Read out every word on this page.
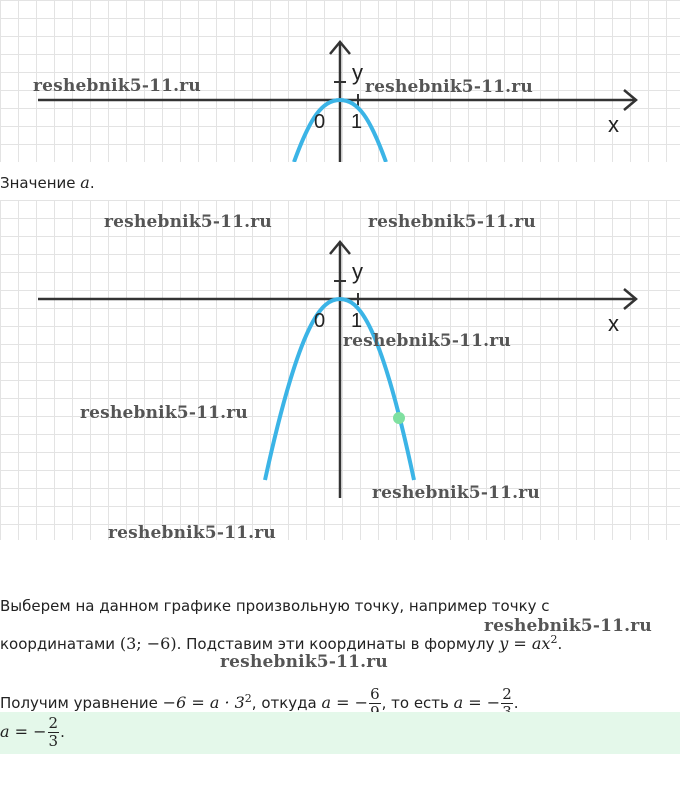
y
x
0 1
reshebnik5-11.ru	reshebnik5-11.ru
Значение a.
y
x
0 1
reshebnik5-11.ru	reshebnik5-11.ru
reshebnik5-11.ru
reshebnik5-11.ru
reshebnik5-11.ru
reshebnik5-11.ru
Выберем на данном графике произвольную точку, например точку с
координатами (3; −6). Подставим эти координаты в формулу $y = ax^2$.
reshebnik5-11.ru
reshebnik5-11.ru
Получим уравнение $-6 = a \cdot 3^2$, откуда a = − 6 , то есть a = − 2 .
a = − $\frac{2}{3}$ .
